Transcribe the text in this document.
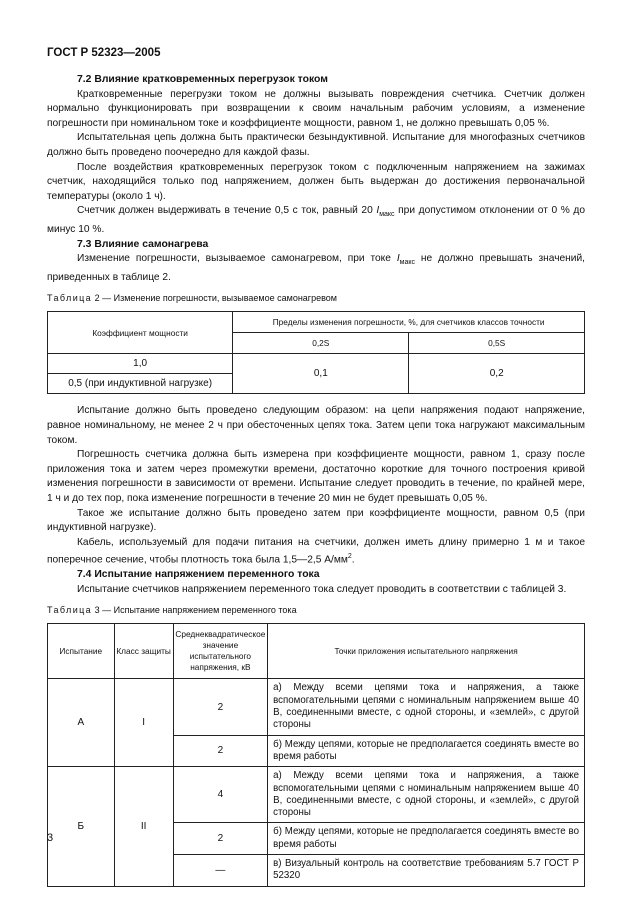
ГОСТ Р 52323—2005
7.2 Влияние кратковременных перегрузок током

Кратковременные перегрузки током не должны вызывать повреждения счетчика. Счетчик должен нормально функционировать при возвращении к своим начальным рабочим условиям, а изменение погрешности при номинальном токе и коэффициенте мощности, равном 1, не должно превышать 0,05 %.

Испытательная цепь должна быть практически безындуктивной. Испытание для многофазных счетчиков должно быть проведено поочередно для каждой фазы.

После воздействия кратковременных перегрузок током с подключенным напряжением на зажимах счетчик, находящийся только под напряжением, должен быть выдержан до достижения первоначальной температуры (около 1 ч).

Счетчик должен выдерживать в течение 0,5 с ток, равный 20 $I_{макс}$ при допустимом отклонении от 0 % до минус 10 %.

7.3 Влияние самонагрева

Изменение погрешности, вызываемое самонагревом, при токе $I_{макс}$ не должно превышать значений, приведенных в таблице 2.

Таблица 2 — Изменение погрешности, вызываемое самонагревом
Коэффициент мощности	Пределы изменения погрешности, %, для счетчиков классов точности	
	0,2S	0,5S
1,0	0,1	0,2
0,5 (при индуктивной нагрузке)		

Испытание должно быть проведено следующим образом: на цепи напряжения подают напряжение, равное номинальному, не менее 2 ч при обесточенных цепях тока. Затем цепи тока нагружают максимальным током.

Погрешность счетчика должна быть измерена при коэффициенте мощности, равном 1, сразу после приложения тока и затем через промежутки времени, достаточно короткие для точного построения кривой изменения погрешности в зависимости от времени. Испытание следует проводить в течение, по крайней мере, 1 ч и до тех пор, пока изменение погрешности в течение 20 мин не будет превышать 0,05 %.

Такое же испытание должно быть проведено затем при коэффициенте мощности, равном 0,5 (при индуктивной нагрузке).

Кабель, используемый для подачи питания на счетчики, должен иметь длину примерно 1 м и такое поперечное сечение, чтобы плотность тока была 1,5—2,5 $А/мм^2$.

7.4 Испытание напряжением переменного тока

Испытание счетчиков напряжением переменного тока следует проводить в соответствии с таблицей 3.

Таблица 3 — Испытание напряжением переменного тока
Испытание	Класс защиты	Среднеквадратическое значение испытательного напряжения, кВ	Точки приложения испытательного напряжения
А	I	2	а) Между всеми цепями тока и напряжения, а также вспомогательными цепями с номинальным напряжением выше 40 В, соединенными вместе, с одной стороны, и «землей», с другой стороны
		2	б) Между цепями, которые не предполагается соединять вместе во время работы
Б	II	4	а) Между всеми цепями тока и напряжения, а также вспомогательными цепями с номинальным напряжением выше 40 В, соединенными вместе, с одной стороны, и «землей», с другой стороны
		2	б) Между цепями, которые не предполагается соединять вместе во время работы
		—	в) Визуальный контроль на соответствие требованиям 5.7 ГОСТ Р 52320
3
